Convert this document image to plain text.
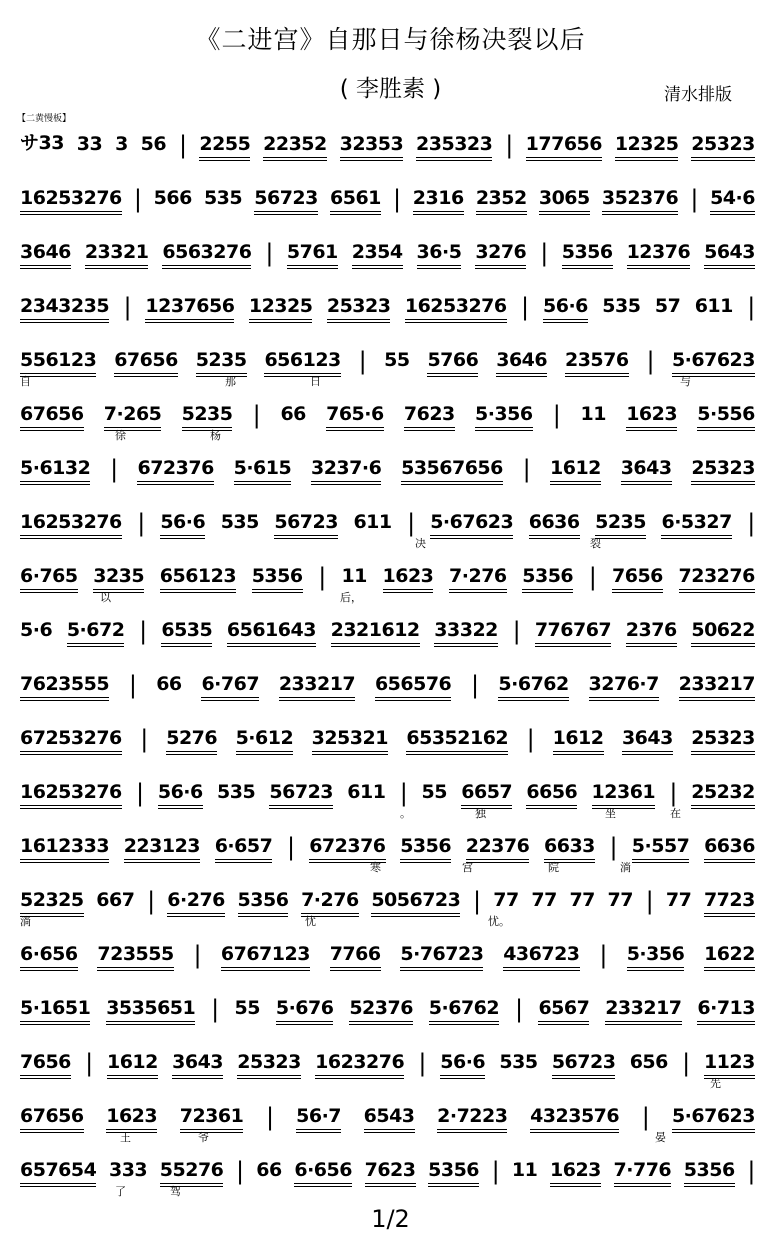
《二进宫》自那日与徐杨决裂以后
( 李胜素 )	清水排版
【二黄慢板】
サ33 33 3 56 | 2255 22352 32353 235323 | 177656 12325 25323
16253276 | 566 535 56723 6561 | 2316 2352 3065 352376 | 54·6
3646 23321 6563276 | 5761 2354 36·5 3276 | 5356 12376 5643
2343235 | 1237656 12325 25323 16253276 | 56·6 535 57 611 |
556123 67656 5235 656123 | 55 5766 3646 23576 | 5·67623
自	那	日	与
67656 7·265 5235 | 66 765·6 7623 5·356 | 11 1623 5·556
徐	杨
5·6132 | 672376 5·615 3237·6 53567656 | 1612 3643 25323
16253276 | 56·6 535 56723 611 | 5·67623 6636 5235 6·5327 |
决	裂
6·765 3235 656123 5356 | 11 1623 7·276 5356 | 7656 723276
以	后，
5·6 5·672 | 6535 6561643 2321612 33322 | 776767 2376 50622
7623555 | 66 6·767 233217 656576 | 5·6762 3276·7 233217
67253276 | 5276 5·612 325321 65352162 | 1612 3643 25323
16253276 | 56·6 535 56723 611 | 55 6657 6656 12361 | 25232
。	独	坐	在
1612333 223123 6·657 | 672376 5356 22376 6633 | 5·557 6636
寒	宫	院	淌
52325 667 | 6·276 5356 7·276 5056723 | 77 77 77 77 | 77 7723
淌	忧	忧。
6·656 723555 | 6767123 7766 5·76723 436723 | 5·356 1622
5·1651 3535651 | 55 5·676 52376 5·6762 | 6567 233217 6·713
7656 | 1612 3643 25323 1623276 | 56·6 535 56723 656 | 1123
先
67656 1623 72361 | 56·7 6543 2·7223 4323576 | 5·67623
王	爷	晏
657654 333 55276 | 66 6·656 7623 5356 | 11 1623 7·776 5356 |
了	驾
1/2
